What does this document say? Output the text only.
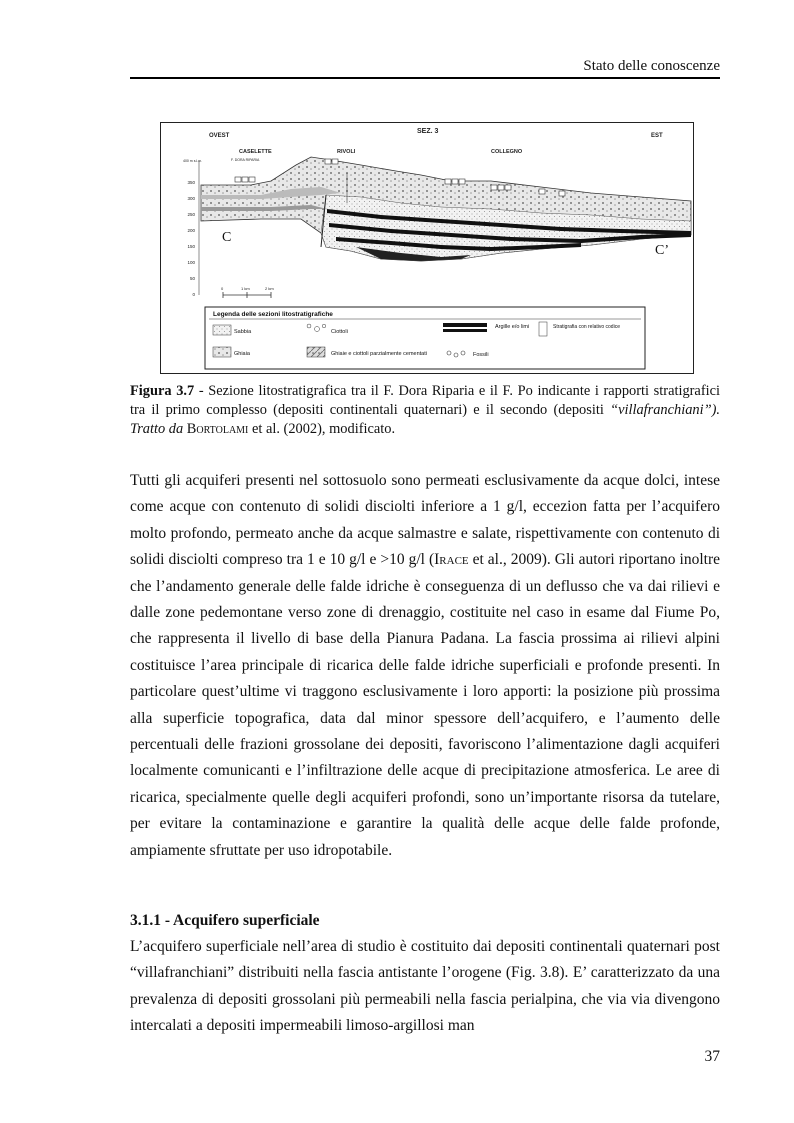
Stato delle conoscenze
OVEST
SEZ. 3
EST
CASELETTE	RIVOLI	COLLEGNO
F. DORA RIPARIA
400 m s.l.m.
350
300
250
200
150
100
50
0
C
C’
0	1 km	2 km
Legenda delle sezioni litostratigrafiche
Sabbia	Ciottoli
Argille e/o limi	Stratigrafia con relativo codice
Ghiaia	Ghiaie e ciottoli parzialmente cementati	Fossili
Figura 3.7 - Sezione litostratigrafica tra il F. Dora Riparia e il F. Po indicante i rapporti stratigrafici tra il primo complesso (depositi continentali quaternari) e il secondo (depositi “villafranchiani”). Tratto da Bortolami et al. (2002), modificato.

Tutti gli acquiferi presenti nel sottosuolo sono permeati esclusivamente da acque dolci, intese come acque con contenuto di solidi disciolti inferiore a 1 g/l, eccezion fatta per l’acquifero molto profondo, permeato anche da acque salmastre e salate, rispettivamente con contenuto di solidi disciolti compreso tra 1 e 10 g/l e >10 g/l (Irace et al., 2009). Gli autori riportano inoltre che l’andamento generale delle falde idriche è conseguenza di un deflusso che va dai rilievi e dalle zone pedemontane verso zone di drenaggio, costituite nel caso in esame dal Fiume Po, che rappresenta il livello di base della Pianura Padana. La fascia prossima ai rilievi alpini costituisce l’area principale di ricarica delle falde idriche superficiali e profonde presenti. In particolare quest’ultime vi traggono esclusivamente i loro apporti: la posizione più prossima alla superficie topografica, data dal minor spessore dell’acquifero, e l’aumento delle percentuali delle frazioni grossolane dei depositi, favoriscono l’alimentazione dagli acquiferi localmente comunicanti e l’infiltrazione delle acque di precipitazione atmosferica. Le aree di ricarica, specialmente quelle degli acquiferi profondi, sono un’importante risorsa da tutelare, per evitare la contaminazione e garantire la qualità delle acque delle falde profonde, ampiamente sfruttate per uso idropotabile.

3.1.1 - Acquifero superficiale

L’acquifero superficiale nell’area di studio è costituito dai depositi continentali quaternari post “villafranchiani” distribuiti nella fascia antistante l’orogene (Fig. 3.8). E’ caratterizzato da una prevalenza di depositi grossolani più permeabili nella fascia perialpina, che via via divengono intercalati a depositi impermeabili limoso-argillosi man

37
